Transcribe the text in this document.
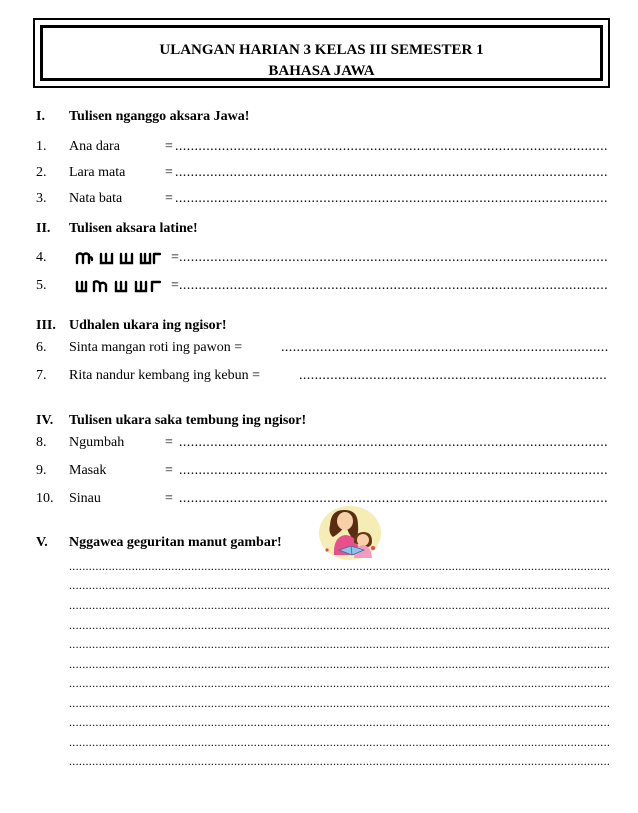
ULANGAN HARIAN 3 KELAS III SEMESTER 1
BAHASA JAWA
I. Tulisen nganggo aksara Jawa!
1. Ana dara	=
.....
2. Lara mata	=
.....
3. Nata bata	=
.....
II. Tulisen aksara latine!
4.	=
.....
5.	=
.....
III. Udhalen ukara ing ngisor!
6. Sinta mangan roti ing pawon =
.....
7. Rita nandur kembang ing kebun =
.....
IV. Tulisen ukara saka tembung ing ngisor!
8. Ngumbah	=
.....
9. Masak	=
.....
10. Sinau	=
.....
V. Nggawea geguritan manut gambar!
.....
.....
.....
.....
.....
.....
.....
.....
.....
.....
.....
